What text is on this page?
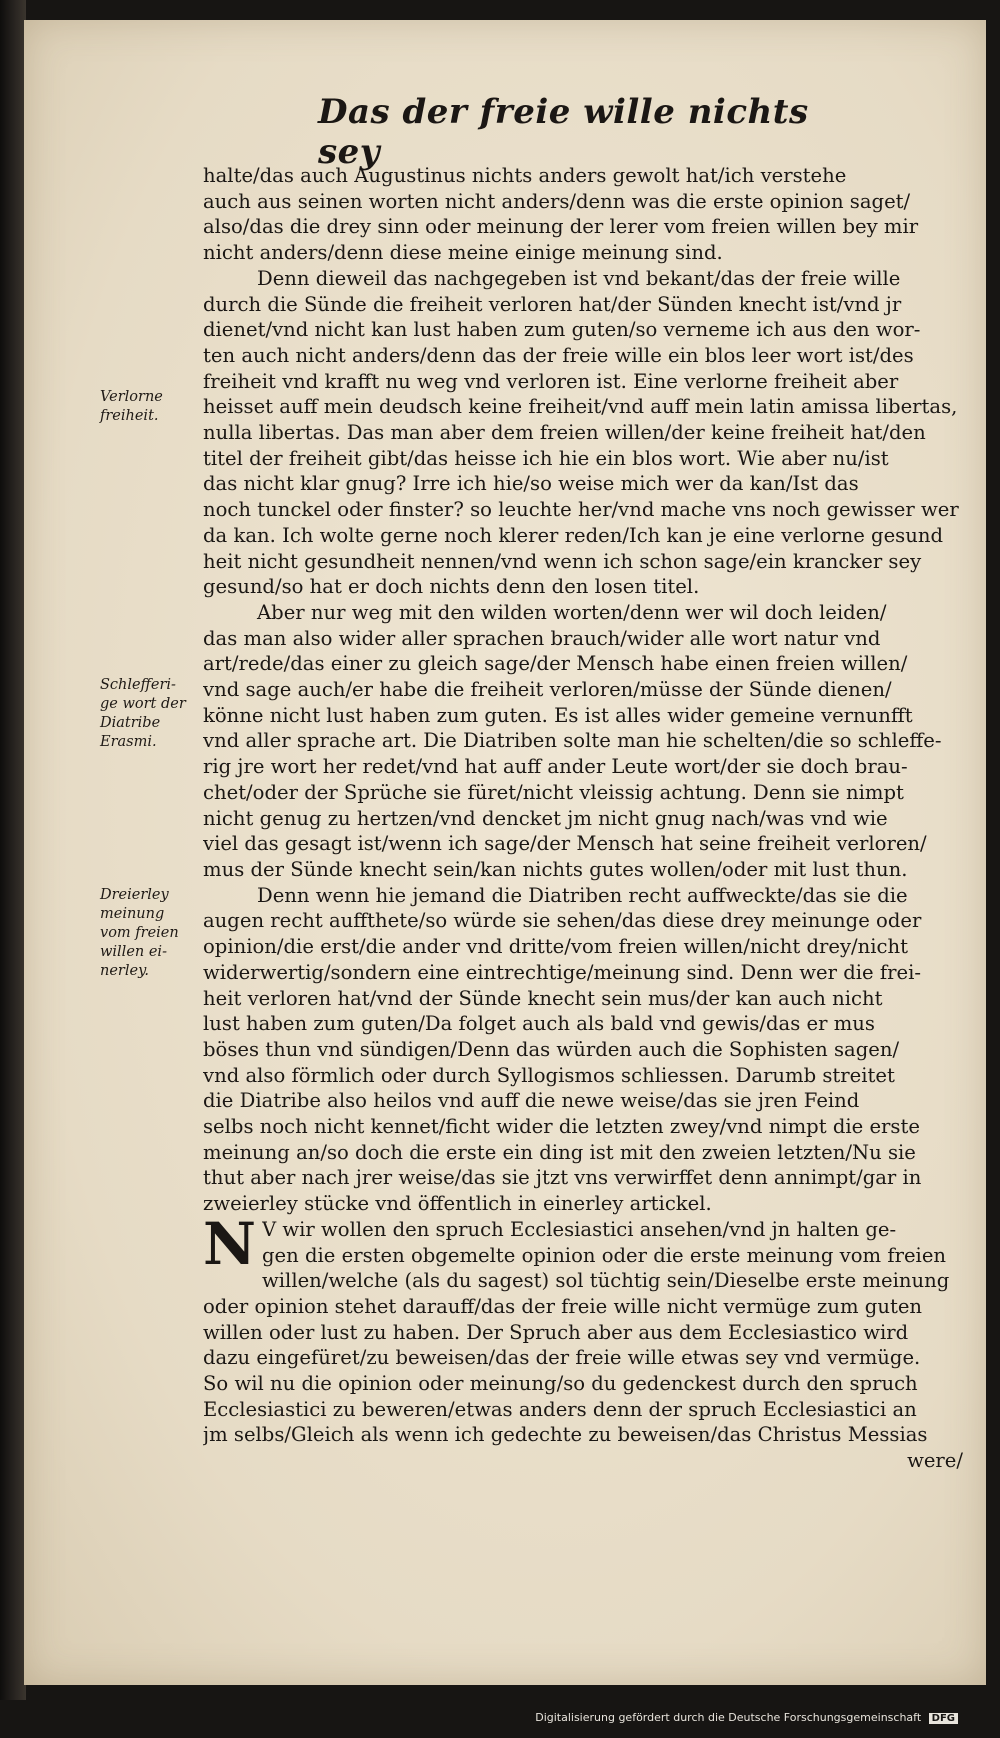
Das der freie wille nichts sey
Verlorne
freiheit.
Schlefferi-
ge wort der
Diatribe
Erasmi.
Dreierley
meinung
vom freien
willen ei-
nerley.
halte/das auch Augustinus nichts anders gewolt hat/ich verstehe
auch aus seinen worten nicht anders/denn was die erste opinion saget/
also/das die drey sinn oder meinung der lerer vom freien willen bey mir
nicht anders/denn diese meine einige meinung sind.
Denn dieweil das nachgegeben ist vnd bekant/das der freie wille
durch die Sünde die freiheit verloren hat/der Sünden knecht ist/vnd jr
dienet/vnd nicht kan lust haben zum guten/so verneme ich aus den wor-
ten auch nicht anders/denn das der freie wille ein blos leer wort ist/des
freiheit vnd krafft nu weg vnd verloren ist. Eine verlorne freiheit aber
heisset auff mein deudsch keine freiheit/vnd auff mein latin amissa libertas,
nulla libertas. Das man aber dem freien willen/der keine freiheit hat/den
titel der freiheit gibt/das heisse ich hie ein blos wort. Wie aber nu/ist
das nicht klar gnug? Irre ich hie/so weise mich wer da kan/Ist das
noch tunckel oder finster? so leuchte her/vnd mache vns noch gewisser wer
da kan. Ich wolte gerne noch klerer reden/Ich kan je eine verlorne gesund
heit nicht gesundheit nennen/vnd wenn ich schon sage/ein krancker sey
gesund/so hat er doch nichts denn den losen titel.
Aber nur weg mit den wilden worten/denn wer wil doch leiden/
das man also wider aller sprachen brauch/wider alle wort natur vnd
art/rede/das einer zu gleich sage/der Mensch habe einen freien willen/
vnd sage auch/er habe die freiheit verloren/müsse der Sünde dienen/
könne nicht lust haben zum guten. Es ist alles wider gemeine vernunfft
vnd aller sprache art. Die Diatriben solte man hie schelten/die so schleffe-
rig jre wort her redet/vnd hat auff ander Leute wort/der sie doch brau-
chet/oder der Sprüche sie füret/nicht vleissig achtung. Denn sie nimpt
nicht genug zu hertzen/vnd dencket jm nicht gnug nach/was vnd wie
viel das gesagt ist/wenn ich sage/der Mensch hat seine freiheit verloren/
mus der Sünde knecht sein/kan nichts gutes wollen/oder mit lust thun.
Denn wenn hie jemand die Diatriben recht auffweckte/das sie die
augen recht auffthete/so würde sie sehen/das diese drey meinunge oder
opinion/die erst/die ander vnd dritte/vom freien willen/nicht drey/nicht
widerwertig/sondern eine eintrechtige/meinung sind. Denn wer die frei-
heit verloren hat/vnd der Sünde knecht sein mus/der kan auch nicht
lust haben zum guten/Da folget auch als bald vnd gewis/das er mus
böses thun vnd sündigen/Denn das würden auch die Sophisten sagen/
vnd also förmlich oder durch Syllogismos schliessen. Darumb streitet
die Diatribe also heilos vnd auff die newe weise/das sie jren Feind
selbs noch nicht kennet/ficht wider die letzten zwey/vnd nimpt die erste
meinung an/so doch die erste ein ding ist mit den zweien letzten/Nu sie
thut aber nach jrer weise/das sie jtzt vns verwirffet denn annimpt/gar in
zweierley stücke vnd öffentlich in einerley artickel.
N V wir wollen den spruch Ecclesiastici ansehen/vnd jn halten ge-
gen die ersten obgemelte opinion oder die erste meinung vom freien
willen/welche (als du sagest) sol tüchtig sein/Dieselbe erste meinung
oder opinion stehet darauff/das der freie wille nicht vermüge zum guten
willen oder lust zu haben. Der Spruch aber aus dem Ecclesiastico wird
dazu eingefüret/zu beweisen/das der freie wille etwas sey vnd vermüge.
So wil nu die opinion oder meinung/so du gedenckest durch den spruch
Ecclesiastici zu beweren/etwas anders denn der spruch Ecclesiastici an
jm selbs/Gleich als wenn ich gedechte zu beweisen/das Christus Messias
were/
Digitalisierung gefördert durch die Deutsche Forschungsgemeinschaft DFG
